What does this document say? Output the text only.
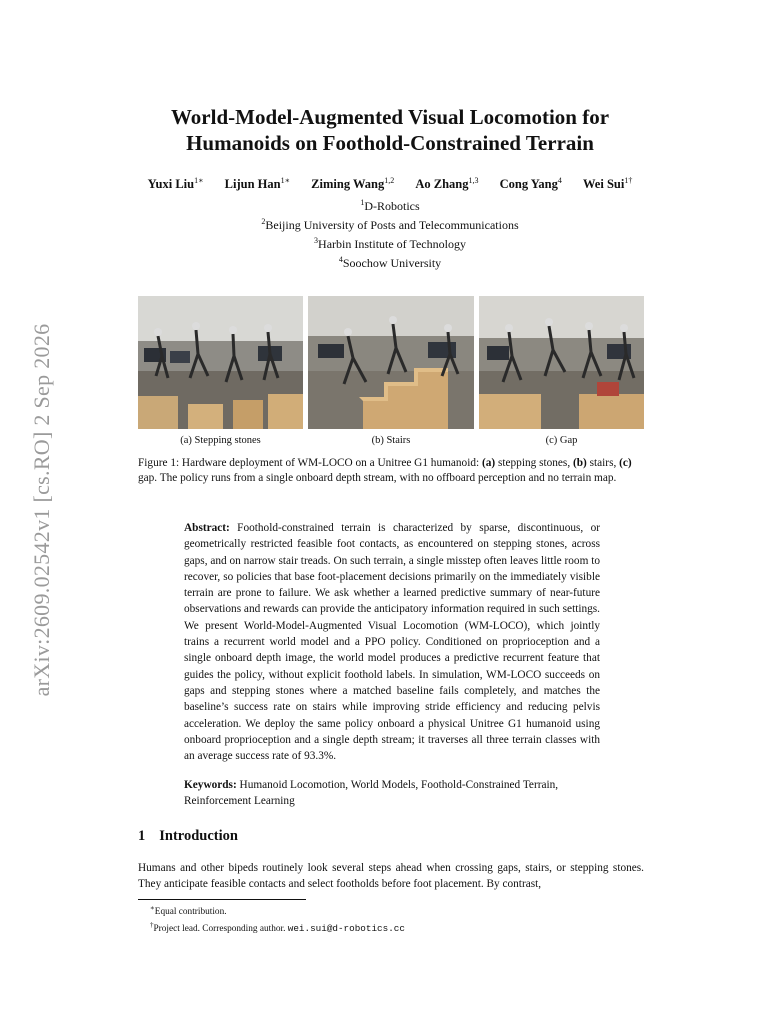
arXiv:2609.02542v1 [cs.RO] 2 Sep 2026
World-Model-Augmented Visual Locomotion for
Humanoids on Foothold-Constrained Terrain
Yuxi Liu$^{1∗}$ Lijun Han$^{1∗}$ Ziming Wang$^{1,2}$ Ao Zhang$^{1,3}$ Cong Yang$^4$ Wei Sui$^{1\dagger}$
$^1$D-Robotics
$^2$Beijing University of Posts and Telecommunications
$^3$Harbin Institute of Technology
$^4$Soochow University
(a) Stepping stones	(b) Stairs	(c) Gap
Figure 1: Hardware deployment of WM-LOCO on a Unitree G1 humanoid: (a) stepping stones, (b) stairs, (c) gap. The policy runs from a single onboard depth stream, with no offboard perception and no terrain map.
Abstract: Foothold-constrained terrain is characterized by sparse, discontinuous, or geometrically restricted feasible foot contacts, as encountered on stepping stones, across gaps, and on narrow stair treads. On such terrain, a single misstep often leaves little room to recover, so policies that base foot-placement decisions primarily on the immediately visible terrain are prone to failure. We ask whether a learned predictive summary of near-future observations and rewards can provide the anticipatory information required in such settings. We present World-Model-Augmented Visual Locomotion (WM-LOCO), which jointly trains a recurrent world model and a PPO policy. Conditioned on proprioception and a single onboard depth image, the world model produces a predictive recurrent feature that guides the policy, without explicit foothold labels. In simulation, WM-LOCO succeeds on gaps and stepping stones where a matched baseline fails completely, and matches the baseline’s success rate on stairs while improving stride efficiency and reducing pelvis acceleration. We deploy the same policy onboard a physical Unitree G1 humanoid using onboard proprioception and a single depth stream; it traverses all three terrain classes with an average success rate of 93.3%.
Keywords: Humanoid Locomotion, World Models, Foothold-Constrained Terrain, Reinforcement Learning
1 Introduction
Humans and other bipeds routinely look several steps ahead when crossing gaps, stairs, or stepping stones. They anticipate feasible contacts and select footholds before foot placement. By contrast,
∗Equal contribution.
†Project lead. Corresponding author. wei.sui@d-robotics.cc
